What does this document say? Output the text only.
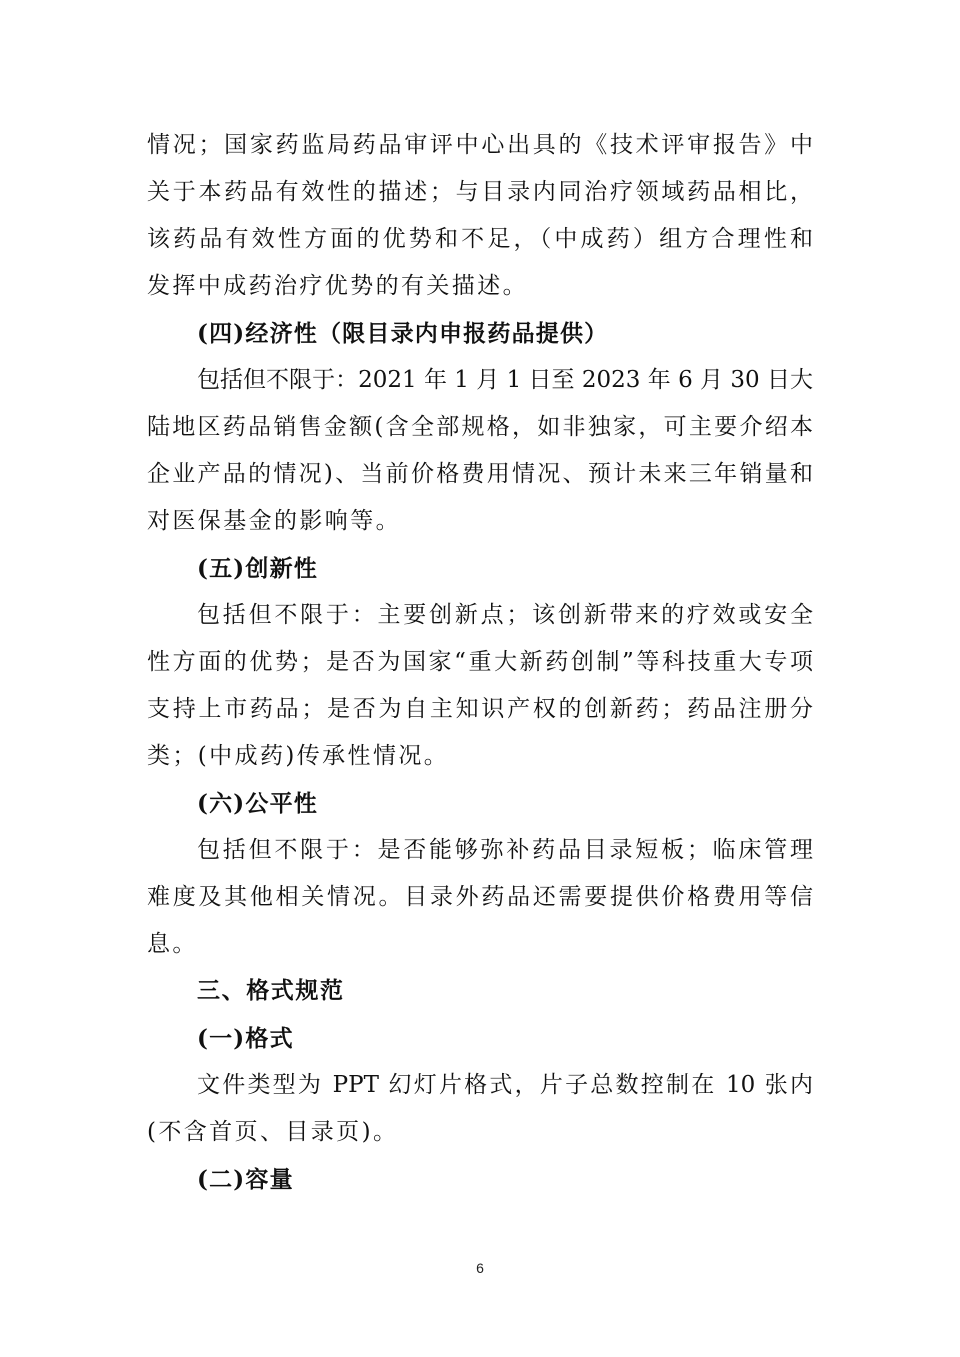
情况；国家药监局药品审评中心出具的《技术评审报告》中
关于本药品有效性的描述；与目录内同治疗领域药品相比，
该药品有效性方面的优势和不足，（中成药）组方合理性和
发挥中成药治疗优势的有关描述。
(四)经济性（限目录内申报药品提供）
包括但不限于：2021 年 1 月 1 日至 2023 年 6 月 30 日大
陆地区药品销售金额(含全部规格，如非独家，可主要介绍本
企业产品的情况)、当前价格费用情况、预计未来三年销量和
对医保基金的影响等。
(五)创新性
包括但不限于：主要创新点；该创新带来的疗效或安全
性方面的优势；是否为国家“重大新药创制”等科技重大专项
支持上市药品；是否为自主知识产权的创新药；药品注册分
类；(中成药)传承性情况。
(六)公平性
包括但不限于：是否能够弥补药品目录短板；临床管理
难度及其他相关情况。目录外药品还需要提供价格费用等信
息。
三、格式规范
(一)格式
文件类型为 PPT 幻灯片格式，片子总数控制在 10 张内
(不含首页、目录页)。
(二)容量
6
